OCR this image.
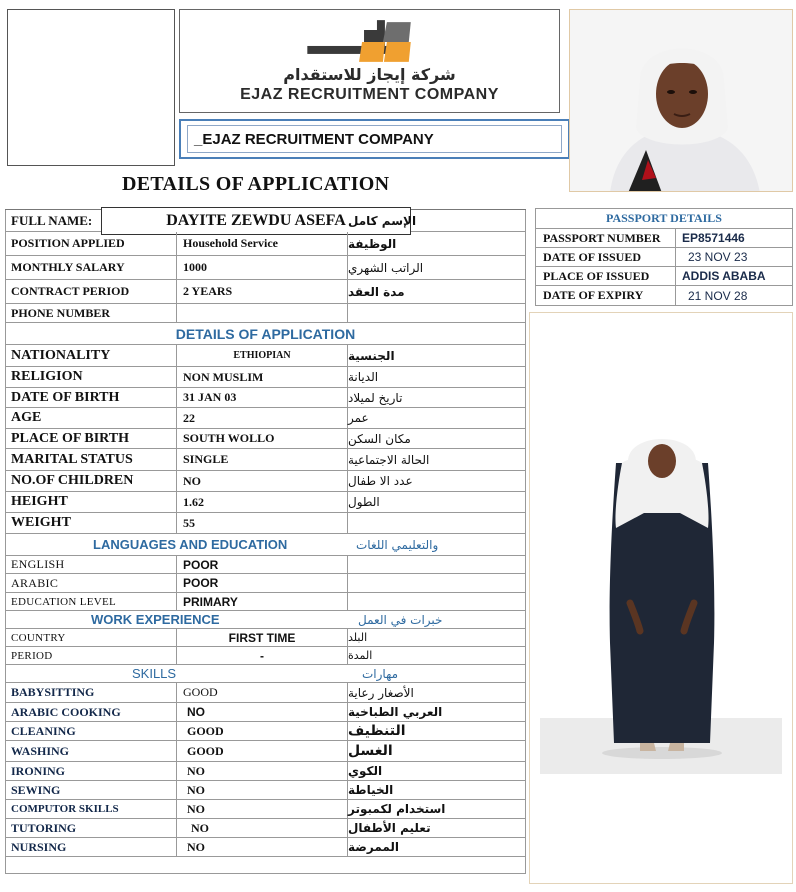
شركة إيجاز للاستقدام
EJAZ RECRUITMENT COMPANY
_EJAZ RECRUITMENT COMPANY
DETAILS OF APPLICATION
FULL NAME:	DAYITE ZEWDU ASEFA الإسم كامل
POSITION APPLIED	Household Service	الوظيفة
MONTHLY SALARY	1000	الراتب الشهري
CONTRACT PERIOD	2 YEARS	مدة العقد
PHONE NUMBER
DETAILS OF APPLICATION
NATIONALITY	ETHIOPIAN	الجنسية
RELIGION	NON MUSLIM	الديانة
DATE OF BIRTH	31 JAN 03	تاريخ لميلاد
AGE	22	عمر
PLACE OF BIRTH	SOUTH WOLLO	مكان السكن
MARITAL STATUS	SINGLE	الحالة الاجتماعية
NO.OF CHILDREN	NO	عدد الا طفال
HEIGHT	1.62	الطول
WEIGHT	55
LANGUAGES AND EDUCATION	والتعليمي اللغات
ENGLISH	POOR
ARABIC	POOR
EDUCATION LEVEL	PRIMARY
WORK EXPERIENCE	خبرات في العمل
COUNTRY	FIRST TIME	البلد
PERIOD	-	المدة
SKILLS	مهارات
BABYSITTING	GOOD	الأصغار رعاية
ARABIC COOKING	NO	العربي الطباخية
CLEANING	GOOD	التنظيف
WASHING	GOOD	الغسل
IRONING	NO	الكوي
SEWING	NO	الخياطة
COMPUTOR SKILLS	NO	استخدام لكمبوتر
TUTORING	NO	تعليم الأطفال
NURSING	NO	الممرضة
PASSPORT DETAILS
PASSPORT NUMBER	EP8571446
DATE OF ISSUED	23 NOV 23
PLACE OF ISSUED	ADDIS ABABA
DATE OF EXPIRY	21 NOV 28
